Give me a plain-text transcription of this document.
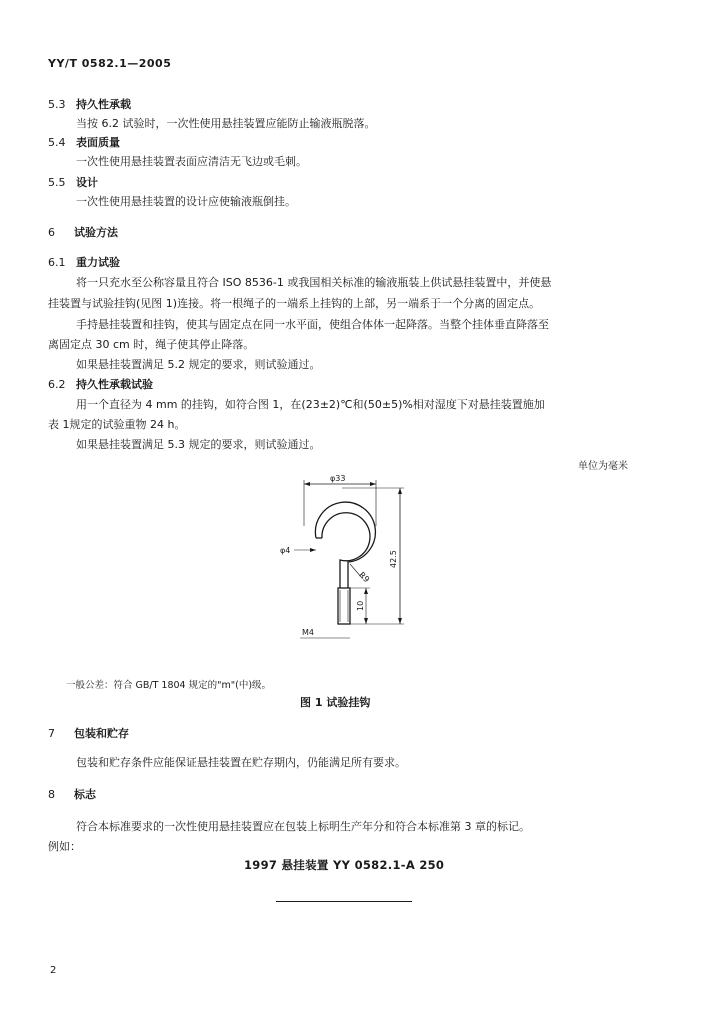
YY/T 0582.1—2005
5.3 持久性承载
当按 6.2 试验时，一次性使用悬挂装置应能防止输液瓶脱落。
5.4 表面质量
一次性使用悬挂装置表面应清洁无飞边或毛刺。
5.5 设计
一次性使用悬挂装置的设计应使输液瓶倒挂。
6 试验方法
6.1 重力试验
将一只充水至公称容量且符合 ISO 8536-1 或我国相关标准的输液瓶装上供试悬挂装置中，并使悬
挂装置与试验挂钩(见图 1)连接。将一根绳子的一端系上挂钩的上部，另一端系于一个分离的固定点。
手持悬挂装置和挂钩，使其与固定点在同一水平面，使组合体体一起降落。当整个挂体垂直降落至
离固定点 30 cm 时，绳子使其停止降落。
如果悬挂装置满足 5.2 规定的要求，则试验通过。
6.2 持久性承载试验
用一个直径为 4 mm 的挂钩，如符合图 1，在(23±2)℃和(50±5)%相对湿度下对悬挂装置施加
表 1规定的试验重物 24 h。
如果悬挂装置满足 5.3 规定的要求，则试验通过。
单位为毫米
φ33
φ4
R9
42.5
10
M4
一般公差：符合 GB/T 1804 规定的"m"(中)级。
图 1 试验挂钩
7 包装和贮存
包装和贮存条件应能保证悬挂装置在贮存期内，仍能满足所有要求。
8 标志
符合本标准要求的一次性使用悬挂装置应在包装上标明生产年分和符合本标准第 3 章的标记。
例如：
1997 悬挂装置 YY 0582.1-A 250
2
